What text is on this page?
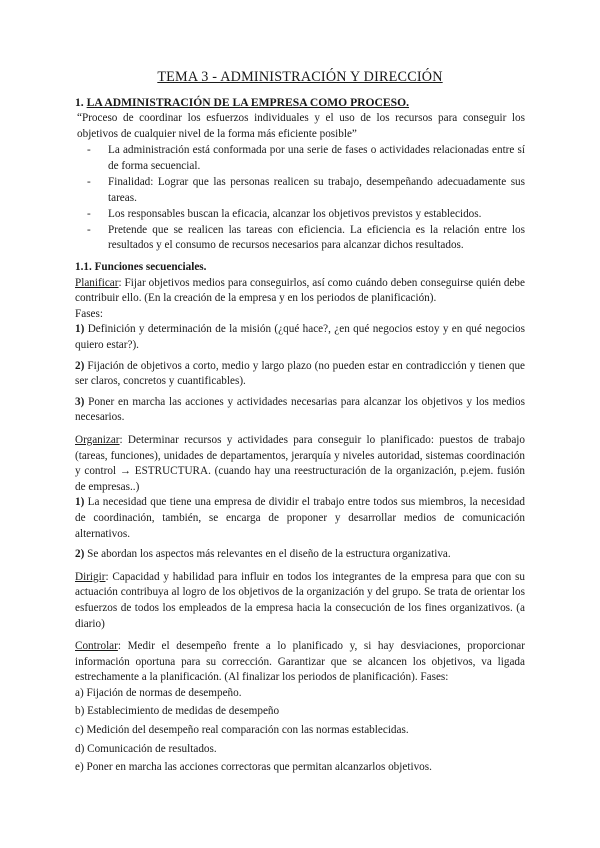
TEMA 3 - ADMINISTRACIÓN Y DIRECCIÓN
1. LA ADMINISTRACIÓN DE LA EMPRESA COMO PROCESO.

“Proceso de coordinar los esfuerzos individuales y el uso de los recursos para conseguir los objetivos de cualquier nivel de la forma más eficiente posible”

- La administración está conformada por una serie de fases o actividades relacionadas entre sí de forma secuencial.
- Finalidad: Lograr que las personas realicen su trabajo, desempeñando adecuadamente sus tareas.
- Los responsables buscan la eficacia, alcanzar los objetivos previstos y establecidos.
- Pretende que se realicen las tareas con eficiencia. La eficiencia es la relación entre los resultados y el consumo de recursos necesarios para alcanzar dichos resultados.
1.1. Funciones secuenciales.

Planificar: Fijar objetivos medios para conseguirlos, así como cuándo deben conseguirse quién debe contribuir ello. (En la creación de la empresa y en los periodos de planificación).

Fases:

1) Definición y determinación de la misión (¿qué hace?, ¿en qué negocios estoy y en qué negocios quiero estar?).

2) Fijación de objetivos a corto, medio y largo plazo (no pueden estar en contradicción y tienen que ser claros, concretos y cuantificables).

3) Poner en marcha las acciones y actividades necesarias para alcanzar los objetivos y los medios necesarios.

Organizar: Determinar recursos y actividades para conseguir lo planificado: puestos de trabajo (tareas, funciones), unidades de departamentos, jerarquía y niveles autoridad, sistemas coordinación y control → ESTRUCTURA. (cuando hay una reestructuración de la organización, p.ejem. fusión de empresas..)

1) La necesidad que tiene una empresa de dividir el trabajo entre todos sus miembros, la necesidad de coordinación, también, se encarga de proponer y desarrollar medios de comunicación alternativos.

2) Se abordan los aspectos más relevantes en el diseño de la estructura organizativa.

Dirigir: Capacidad y habilidad para influir en todos los integrantes de la empresa para que con su actuación contribuya al logro de los objetivos de la organización y del grupo. Se trata de orientar los esfuerzos de todos los empleados de la empresa hacia la consecución de los fines organizativos. (a diario)

Controlar: Medir el desempeño frente a lo planificado y, si hay desviaciones, proporcionar información oportuna para su corrección. Garantizar que se alcancen los objetivos, va ligada estrechamente a la planificación. (Al finalizar los periodos de planificación). Fases:

a) Fijación de normas de desempeño.

b) Establecimiento de medidas de desempeño

c) Medición del desempeño real comparación con las normas establecidas.

d) Comunicación de resultados.

e) Poner en marcha las acciones correctoras que permitan alcanzarlos objetivos.
